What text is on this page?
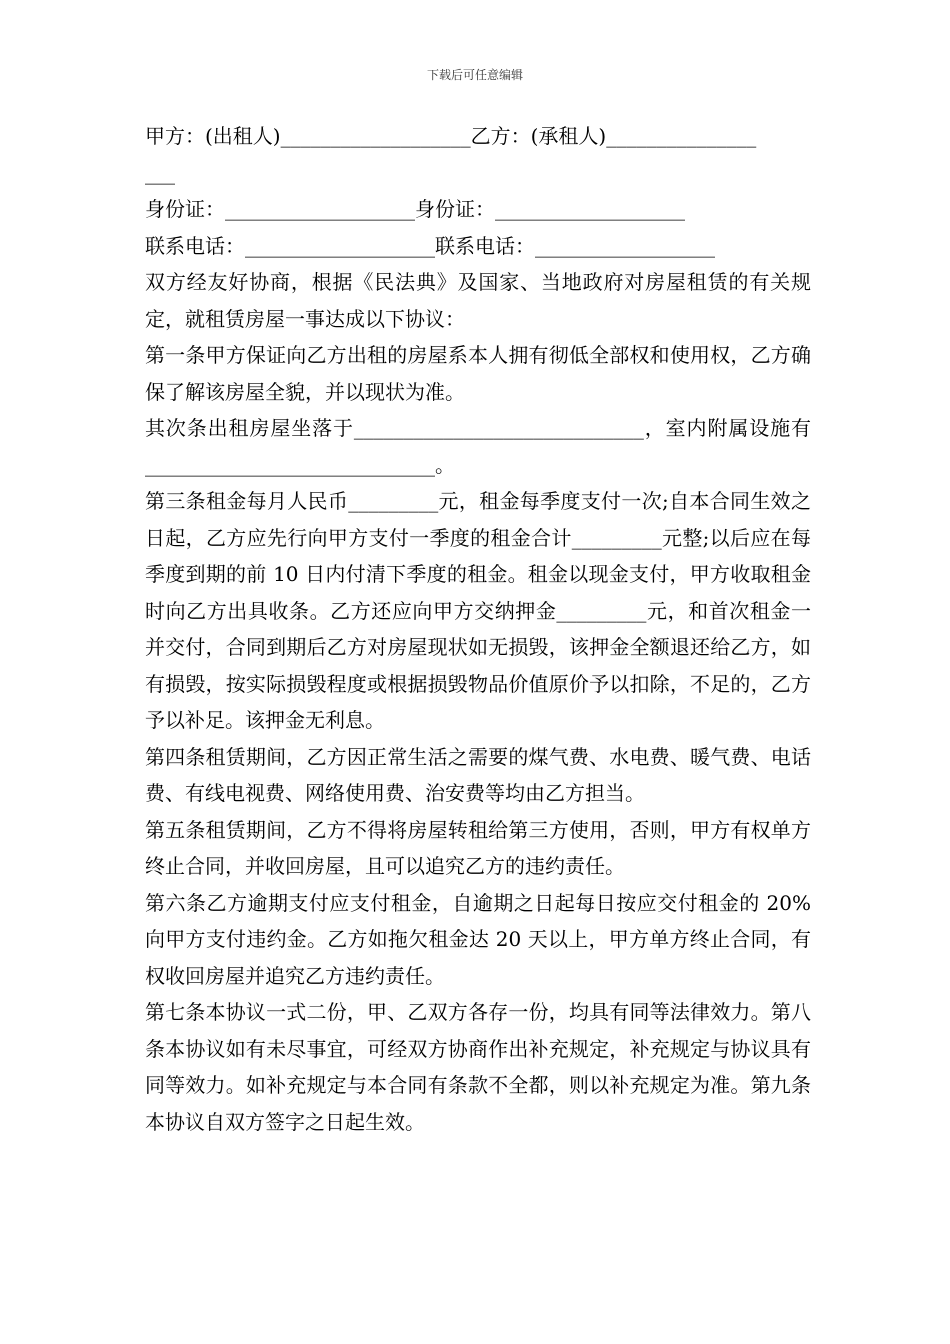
下载后可任意编辑
甲方：(出租人)___________________乙方：(承租人)_______________
___
身份证：___________________身份证：___________________
联系电话：___________________联系电话：__________________
双方经友好协商，根据《民法典》及国家、当地政府对房屋租赁的有关规定，就租赁房屋一事达成以下协议：
第一条甲方保证向乙方出租的房屋系本人拥有彻低全部权和使用权，乙方确保了解该房屋全貌，并以现状为准。
其次条出租房屋坐落于_____________________________，室内附属设施有_____________________________。
第三条租金每月人民币_________元，租金每季度支付一次;自本合同生效之日起，乙方应先行向甲方支付一季度的租金合计_________元整;以后应在每季度到期的前 10 日内付清下季度的租金。租金以现金支付，甲方收取租金时向乙方出具收条。乙方还应向甲方交纳押金_________元，和首次租金一并交付，合同到期后乙方对房屋现状如无损毁，该押金全额退还给乙方，如有损毁，按实际损毁程度或根据损毁物品价值原价予以扣除，不足的，乙方予以补足。该押金无利息。
第四条租赁期间，乙方因正常生活之需要的煤气费、水电费、暖气费、电话费、有线电视费、网络使用费、治安费等均由乙方担当。
第五条租赁期间，乙方不得将房屋转租给第三方使用，否则，甲方有权单方终止合同，并收回房屋，且可以追究乙方的违约责任。
第六条乙方逾期支付应支付租金，自逾期之日起每日按应交付租金的 20%向甲方支付违约金。乙方如拖欠租金达 20 天以上，甲方单方终止合同，有权收回房屋并追究乙方违约责任。
第七条本协议一式二份，甲、乙双方各存一份，均具有同等法律效力。第八条本协议如有未尽事宜，可经双方协商作出补充规定，补充规定与协议具有同等效力。如补充规定与本合同有条款不全都，则以补充规定为准。第九条本协议自双方签字之日起生效。
